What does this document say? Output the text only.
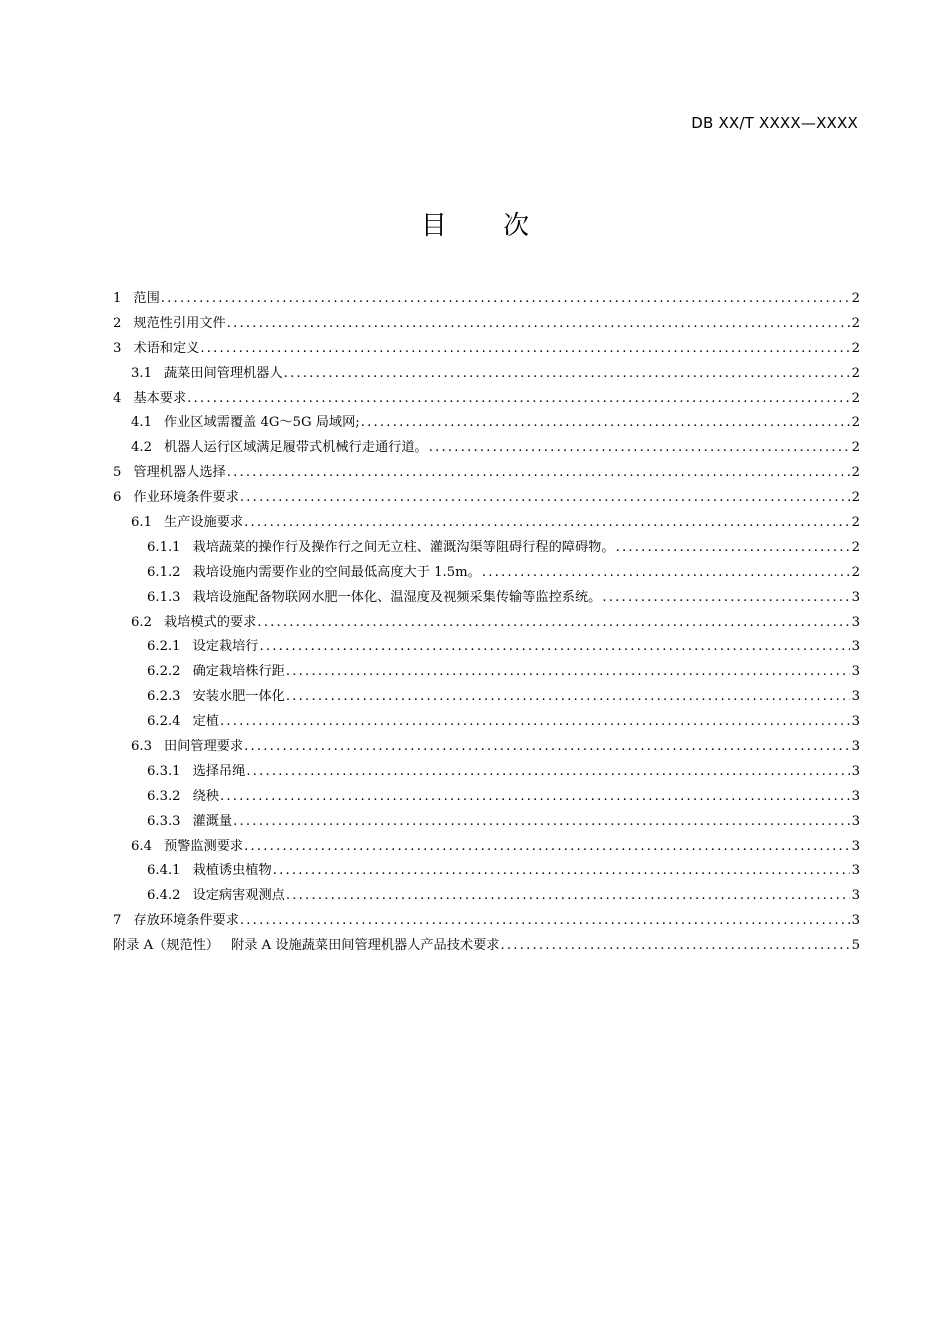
DB XX/T XXXX—XXXX
目 次
1 范围 .....	2
2 规范性引用文件 .....	2
3 术语和定义 .....	2
3.1 蔬菜田间管理机器人 .....	2
4 基本要求 .....	2
4.1 作业区域需覆盖 4G～5G 局域网; .....	2
4.2 机器人运行区域满足履带式机械行走通行道。 .....	2
5 管理机器人选择 .....	2
6 作业环境条件要求 .....	2
6.1 生产设施要求 .....	2
6.1.1 栽培蔬菜的操作行及操作行之间无立柱、灌溉沟渠等阻碍行程的障碍物。 .....	2
6.1.2 栽培设施内需要作业的空间最低高度大于 1.5m。 .....	2
6.1.3 栽培设施配备物联网水肥一体化、温湿度及视频采集传输等监控系统。 .....	3
6.2 栽培模式的要求 .....	3
6.2.1 设定栽培行 .....	3
6.2.2 确定栽培株行距 .....	3
6.2.3 安装水肥一体化 .....	3
6.2.4 定植 .....	3
6.3 田间管理要求 .....	3
6.3.1 选择吊绳 .....	3
6.3.2 绕秧 .....	3
6.3.3 灌溉量 .....	3
6.4 预警监测要求 .....	3
6.4.1 栽植诱虫植物 .....	3
6.4.2 设定病害观测点 .....	3
7 存放环境条件要求 .....	3
附录 A（规范性） 附录 A 设施蔬菜田间管理机器人产品技术要求 .....	5
